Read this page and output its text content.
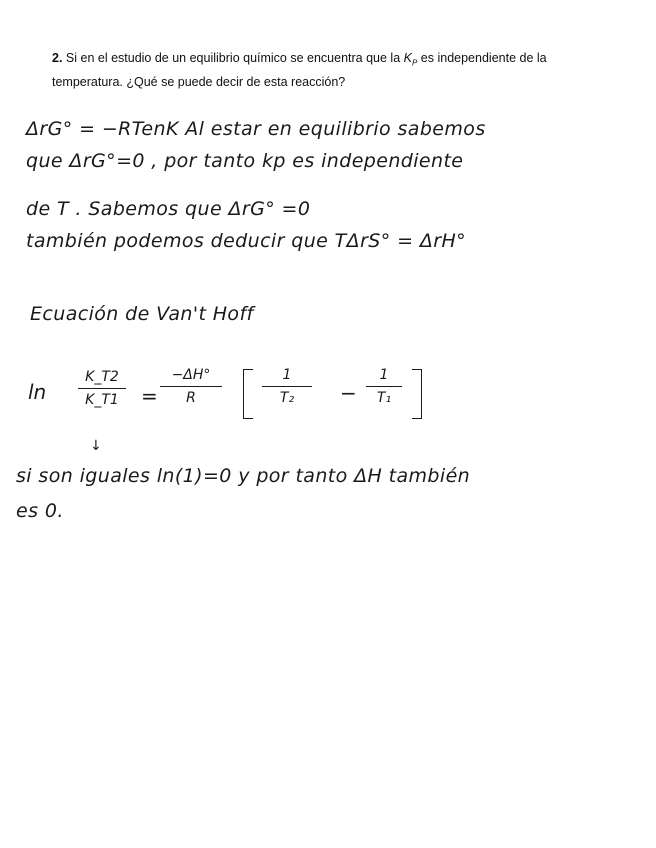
2. Si en el estudio de un equilibrio químico se encuentra que la $K_P$ es independiente de la temperatura. ¿Qué se puede decir de esta reacción?
ΔrG° = −RTenK Al estar en equilibrio sabemos
que ΔrG°=0 , por tanto kp es independiente
de T . Sabemos que ΔrG° =0
también podemos deducir que TΔrS° = ΔrH°
Ecuación de Van't Hoff
ln
K_T2
K_T1	=
−ΔH°
R
1
T₂	−
1
T₁
↓
si son iguales ln(1)=0 y por tanto ΔH también
es 0.
